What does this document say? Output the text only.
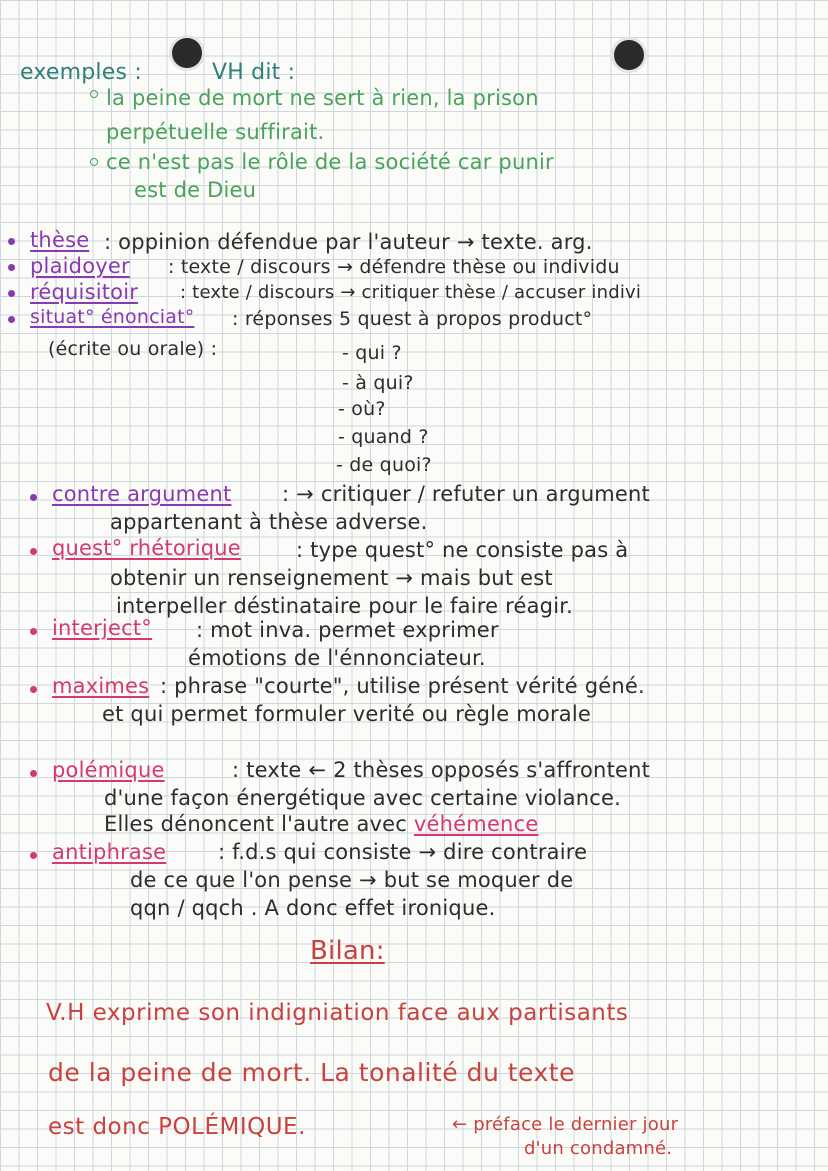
exemples :	VH dit :
la peine de mort ne sert à rien, la prison
perpétuelle suffirait.
ce n'est pas le rôle de la société car punir
est de Dieu
thèse : oppinion défendue par l'auteur → texte. arg.
plaidoyer : texte / discours → défendre thèse ou individu
réquisitoir : texte / discours → critiquer thèse / accuser indivi
situat° énonciat° : réponses 5 quest à propos product°
(écrite ou orale) :	- qui ?
- à qui?
- où?
- quand ?
- de quoi?
contre argument : → critiquer / refuter un argument
appartenant à thèse adverse.
quest° rhétorique	: type quest° ne consiste pas à
obtenir un renseignement → mais but est
interpeller déstinataire pour le faire réagir.
interject° : mot inva. permet exprimer
émotions de l'énnonciateur.
maximes : phrase "courte", utilise présent vérité géné.
et qui permet formuler verité ou règle morale
polémique	: texte ← 2 thèses opposés s'affrontent
d'une façon énergétique avec certaine violance.
Elles dénoncent l'autre avec véhémence
antiphrase : f.d.s qui consiste → dire contraire
de ce que l'on pense → but se moquer de
qqn / qqch . A donc effet ironique.
Bilan:
V.H exprime son indigniation face aux partisants
de la peine de mort. La tonalité du texte
est donc POLÉMIQUE.	← préface le dernier jour
d'un condamné.
